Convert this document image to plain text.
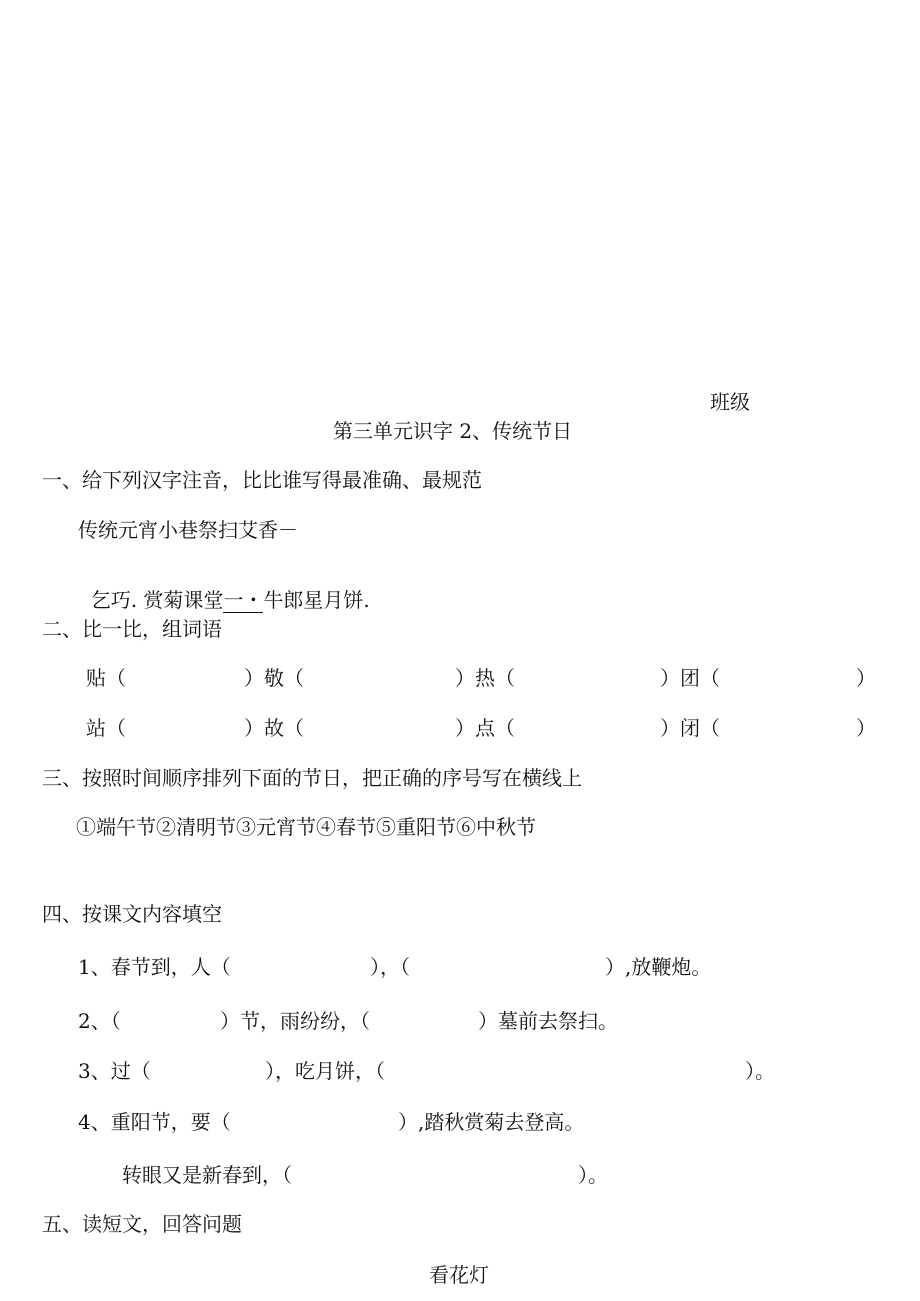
班级
第三单元识字 2、传统节日
一、给下列汉字注音，比比谁写得最准确、最规范
传统元宵小巷祭扫艾香－

乞巧. 赏菊课堂一・牛郎星月饼.

二、比一比，组词语
贴（	）敬（	）热（	）团（	）
站（	）故（	）点（	）闭（	）
三、按照时间顺序排列下面的节日，把正确的序号写在横线上
①端午节②清明节③元宵节④春节⑤重阳节⑥中秋节
四、按课文内容填空
1、春节到，人（	），（	）,放鞭炮。
2、（	）节，雨纷纷，（	）墓前去祭扫。
3、过（	），吃月饼，（	）。
4、重阳节，要（	）,踏秋赏菊去登高。
转眼又是新春到，（	）。
五、读短文，回答问题
看花灯
